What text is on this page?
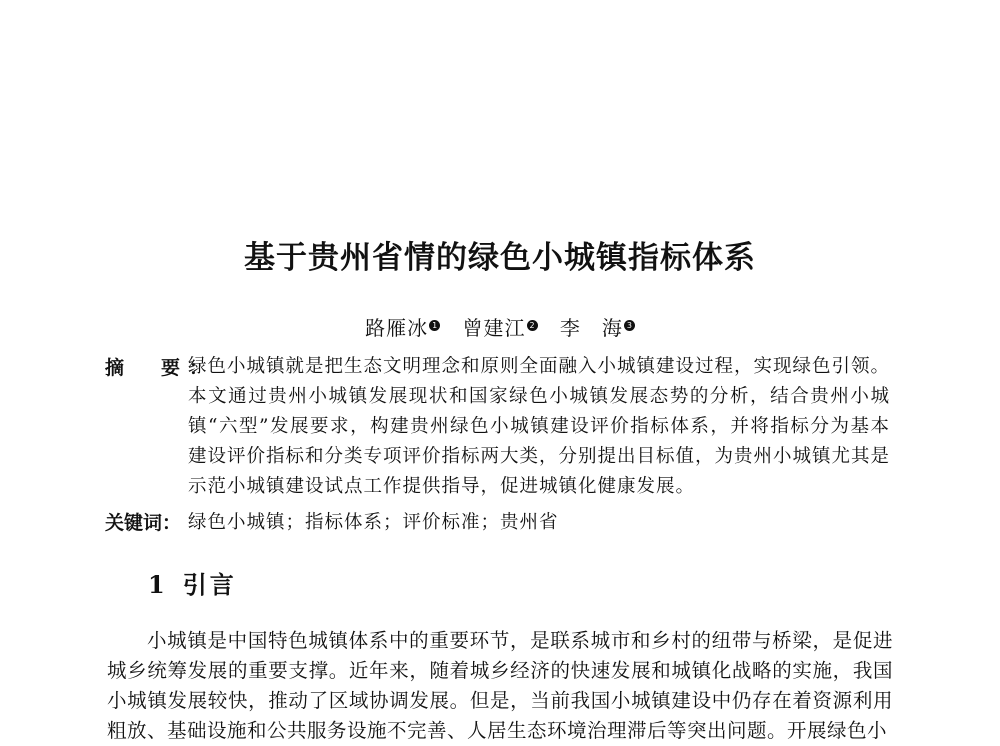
基于贵州省情的绿色小城镇指标体系
路雁冰 1 曾建江 2 李　海 3
摘　要：
绿色小城镇就是把生态文明理念和原则全面融入小城镇建设过程，实现绿色引领。本文通过贵州小城镇发展现状和国家绿色小城镇发展态势的分析，结合贵州小城镇“六型”发展要求，构建贵州绿色小城镇建设评价指标体系，并将指标分为基本建设评价指标和分类专项评价指标两大类，分别提出目标值，为贵州小城镇尤其是示范小城镇建设试点工作提供指导，促进城镇化健康发展。
关键词： 绿色小城镇；指标体系；评价标准；贵州省
1 引言
小城镇是中国特色城镇体系中的重要环节，是联系城市和乡村的纽带与桥梁，是促进城乡统筹发展的重要支撑。近年来，随着城乡经济的快速发展和城镇化战略的实施，我国小城镇发展较快，推动了区域协调发展。但是，当前我国小城镇建设中仍存在着资源利用粗放、基础设施和公共服务设施不完善、人居生态环境治理滞后等突出问题。开展绿色小
